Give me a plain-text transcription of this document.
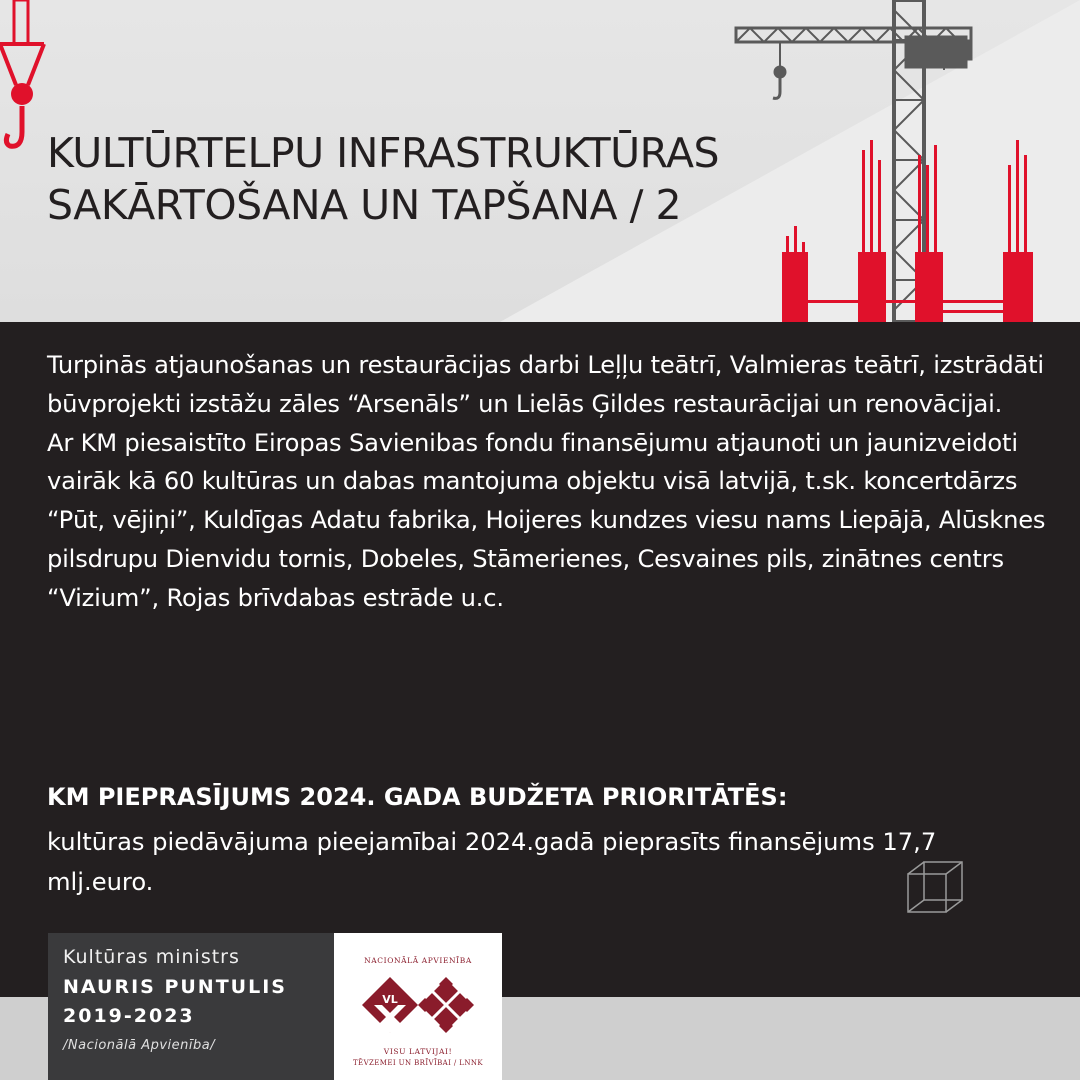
KULTŪRTELPU INFRASTRUKTŪRAS
SAKĀRTOŠANA UN TAPŠANA / 2

Turpinās atjaunošanas un restaurācijas darbi Leļļu teātrī, Valmieras teātrī, izstrādāti būvprojekti izstāžu zāles “Arsenāls” un Lielās Ģildes restaurācijai un renovācijai.

Ar KM piesaistīto Eiropas Savienibas fondu finansējumu atjaunoti un jaunizveidoti vairāk kā 60 kultūras un dabas mantojuma objektu visā latvijā, t.sk. koncertdārzs “Pūt, vējiņi”, Kuldīgas Adatu fabrika, Hoijeres kundzes viesu nams Liepājā, Alūsknes pilsdrupu Dienvidu tornis, Dobeles, Stāmerienes, Cesvaines pils, zinātnes centrs “Vizium”, Rojas brīvdabas estrāde u.c.

KM PIEPRASĪJUMS 2024. GADA BUDŽETA PRIORITĀTĒS:

kultūras piedāvājuma pieejamībai 2024.gadā pieprasīts finansējums 17,7 mlj.euro.

Kultūras ministrs
NAURIS PUNTULIS
2019-2023
/Nacionālā Apvienība/
NACIONĀLĀ APVIENĪBA
VL
VISU LATVIJAI!
TĒVZEMEI UN BRĪVĪBAI / LNNK
